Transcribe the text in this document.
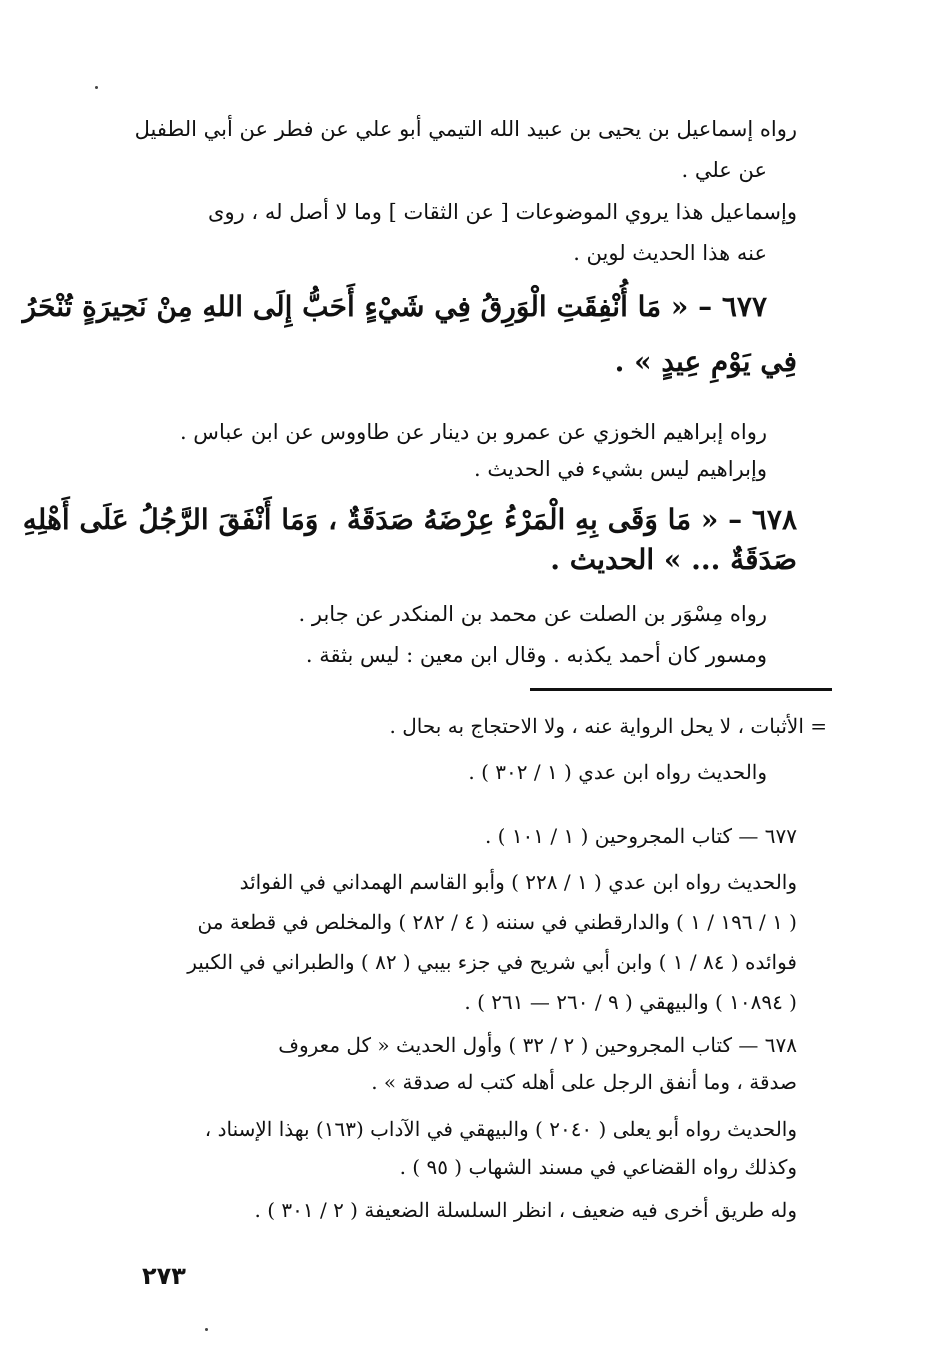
رواه إسماعيل بن يحيى بن عبيد الله التيمي أبو علي عن فطر عن أبي الطفيل
عن علي .
وإسماعيل هذا يروي الموضوعات [ عن الثقات ] وما لا أصل له ، روى
عنه هذا الحديث لوين .
٦٧٧ – « مَا أُنْفِقَتِ الْوَرِقُ فِي شَيْءٍ أَحَبُّ إِلَى اللهِ مِنْ نَحِيرَةٍ تُنْحَرُ
فِي يَوْمِ عِيدٍ » .
رواه إبراهيم الخوزي عن عمرو بن دينار عن طاووس عن ابن عباس .
وإبراهيم ليس بشيء في الحديث .
٦٧٨ – « مَا وَقَى بِهِ الْمَرْءُ عِرْضَهُ صَدَقَةٌ ، وَمَا أَنْفَقَ الرَّجُلُ عَلَى أَهْلِهِ
صَدَقَةٌ ... » الحديث .
رواه مِسْوَر بن الصلت عن محمد بن المنكدر عن جابر .
ومسور كان أحمد يكذبه . وقال ابن معين : ليس بثقة .
= الأثبات ، لا يحل الرواية عنه ، ولا الاحتجاج به بحال .
والحديث رواه ابن عدي ( ١ / ٣٠٢ ) .
٦٧٧ — كتاب المجروحين ( ١ / ١٠١ ) .
والحديث رواه ابن عدي ( ١ / ٢٢٨ ) وأبو القاسم الهمداني في الفوائد
( ١ / ١٩٦ / ١ ) والدارقطني في سننه ( ٤ / ٢٨٢ ) والمخلص في قطعة من
فوائده ( ٨٤ / ١ ) وابن أبي شريح في جزء بيبي ( ٨٢ ) والطبراني في الكبير
( ١٠٨٩٤ ) والبيهقي ( ٩ / ٢٦٠ — ٢٦١ ) .
٦٧٨ — كتاب المجروحين ( ٢ / ٣٢ ) وأول الحديث « كل معروف
صدقة ، وما أنفق الرجل على أهله كتب له صدقة » .
والحديث رواه أبو يعلى ( ٢٠٤٠ ) والبيهقي في الآداب (١٦٣) بهذا الإسناد ،
وكذلك رواه القضاعي في مسند الشهاب ( ٩٥ ) .
وله طريق أخرى فيه ضعيف ، انظر السلسلة الضعيفة ( ٢ / ٣٠١ ) .
٢٧٣
